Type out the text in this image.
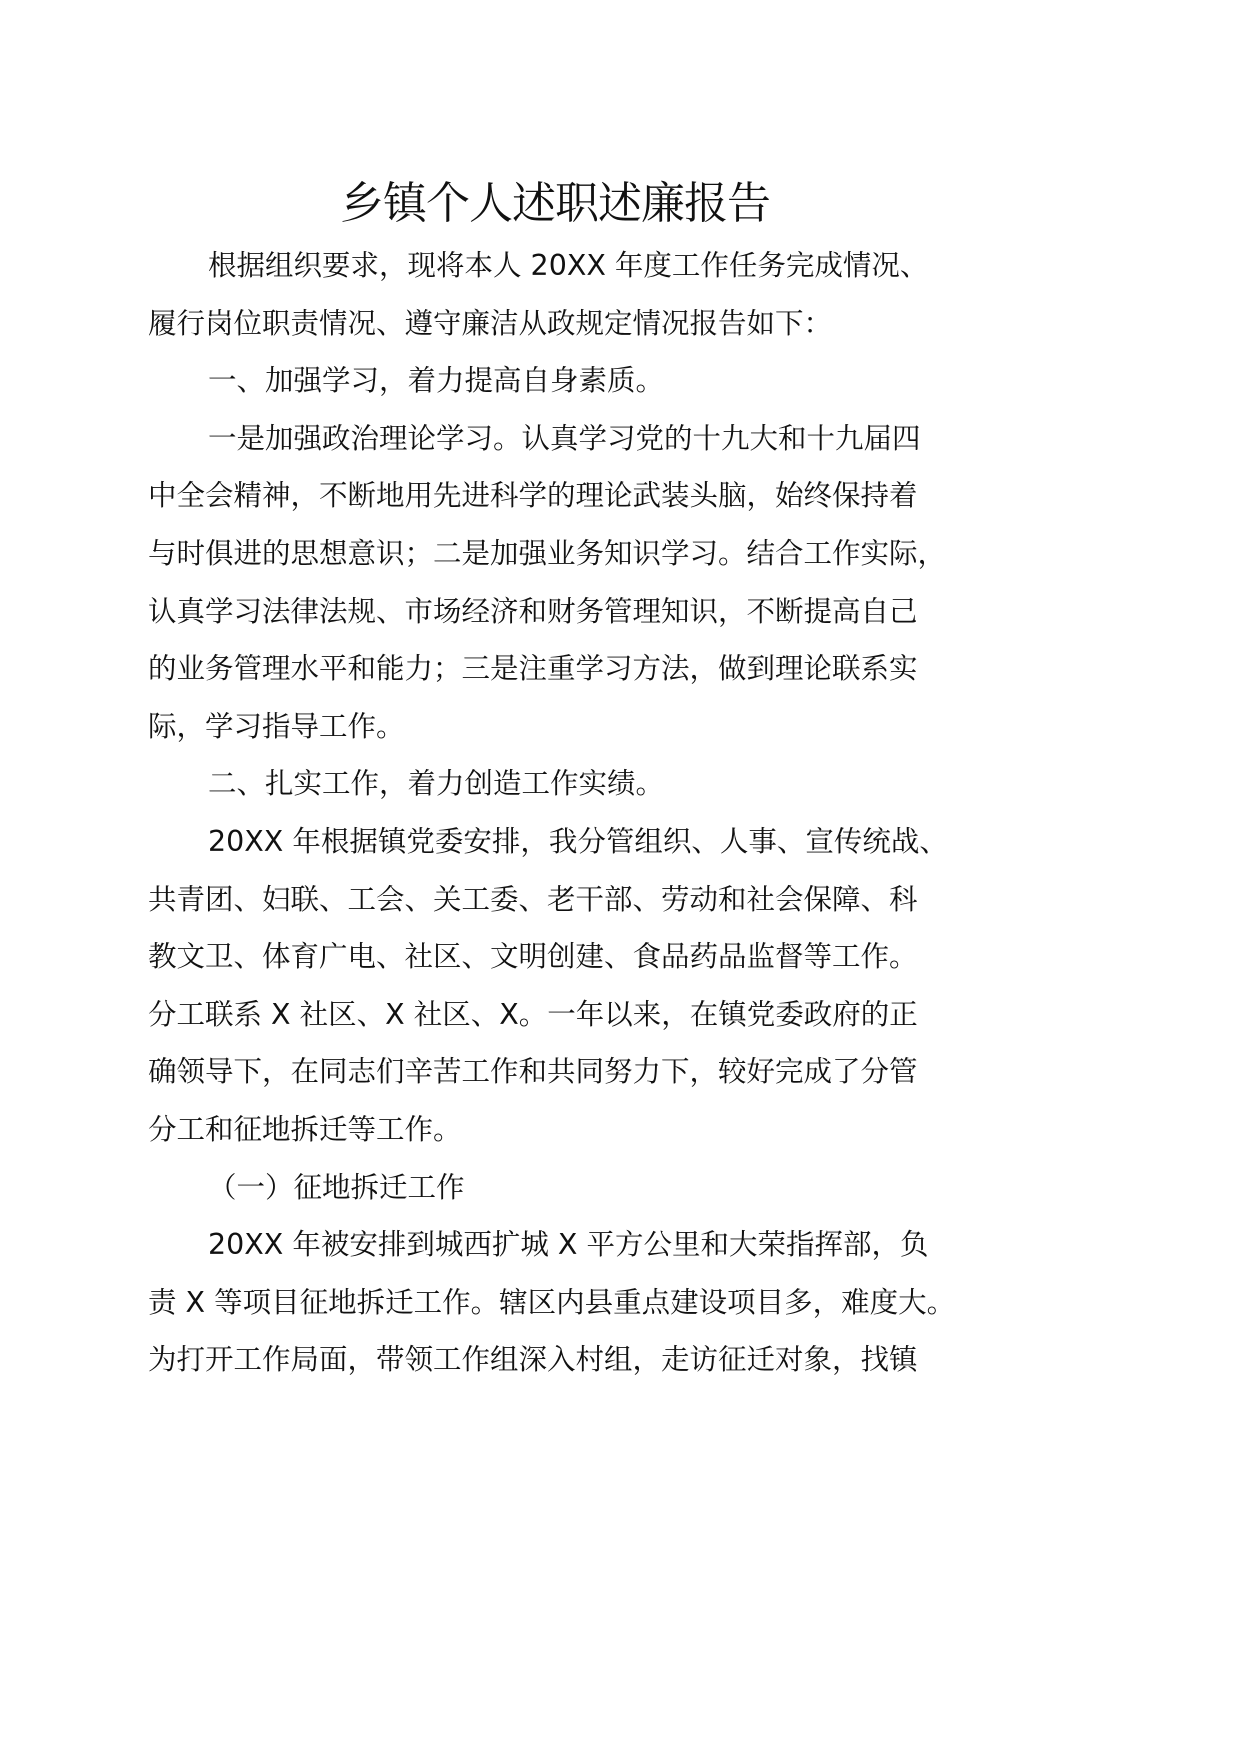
乡镇个人述职述廉报告
根据组织要求，现将本人 20XX 年度工作任务完成情况、
履行岗位职责情况、遵守廉洁从政规定情况报告如下：
一、加强学习，着力提高自身素质。
一是加强政治理论学习。认真学习党的十九大和十九届四
中全会精神，不断地用先进科学的理论武装头脑，始终保持着
与时俱进的思想意识；二是加强业务知识学习。结合工作实际，
认真学习法律法规、市场经济和财务管理知识，不断提高自己
的业务管理水平和能力；三是注重学习方法，做到理论联系实
际，学习指导工作。
二、扎实工作，着力创造工作实绩。
20XX 年根据镇党委安排，我分管组织、人事、宣传统战、
共青团、妇联、工会、关工委、老干部、劳动和社会保障、科
教文卫、体育广电、社区、文明创建、食品药品监督等工作。
分工联系 X 社区、X 社区、X。一年以来，在镇党委政府的正
确领导下，在同志们辛苦工作和共同努力下，较好完成了分管
分工和征地拆迁等工作。
（一）征地拆迁工作
20XX 年被安排到城西扩城 X 平方公里和大荣指挥部，负
责 X 等项目征地拆迁工作。辖区内县重点建设项目多，难度大。
为打开工作局面，带领工作组深入村组，走访征迁对象，找镇
